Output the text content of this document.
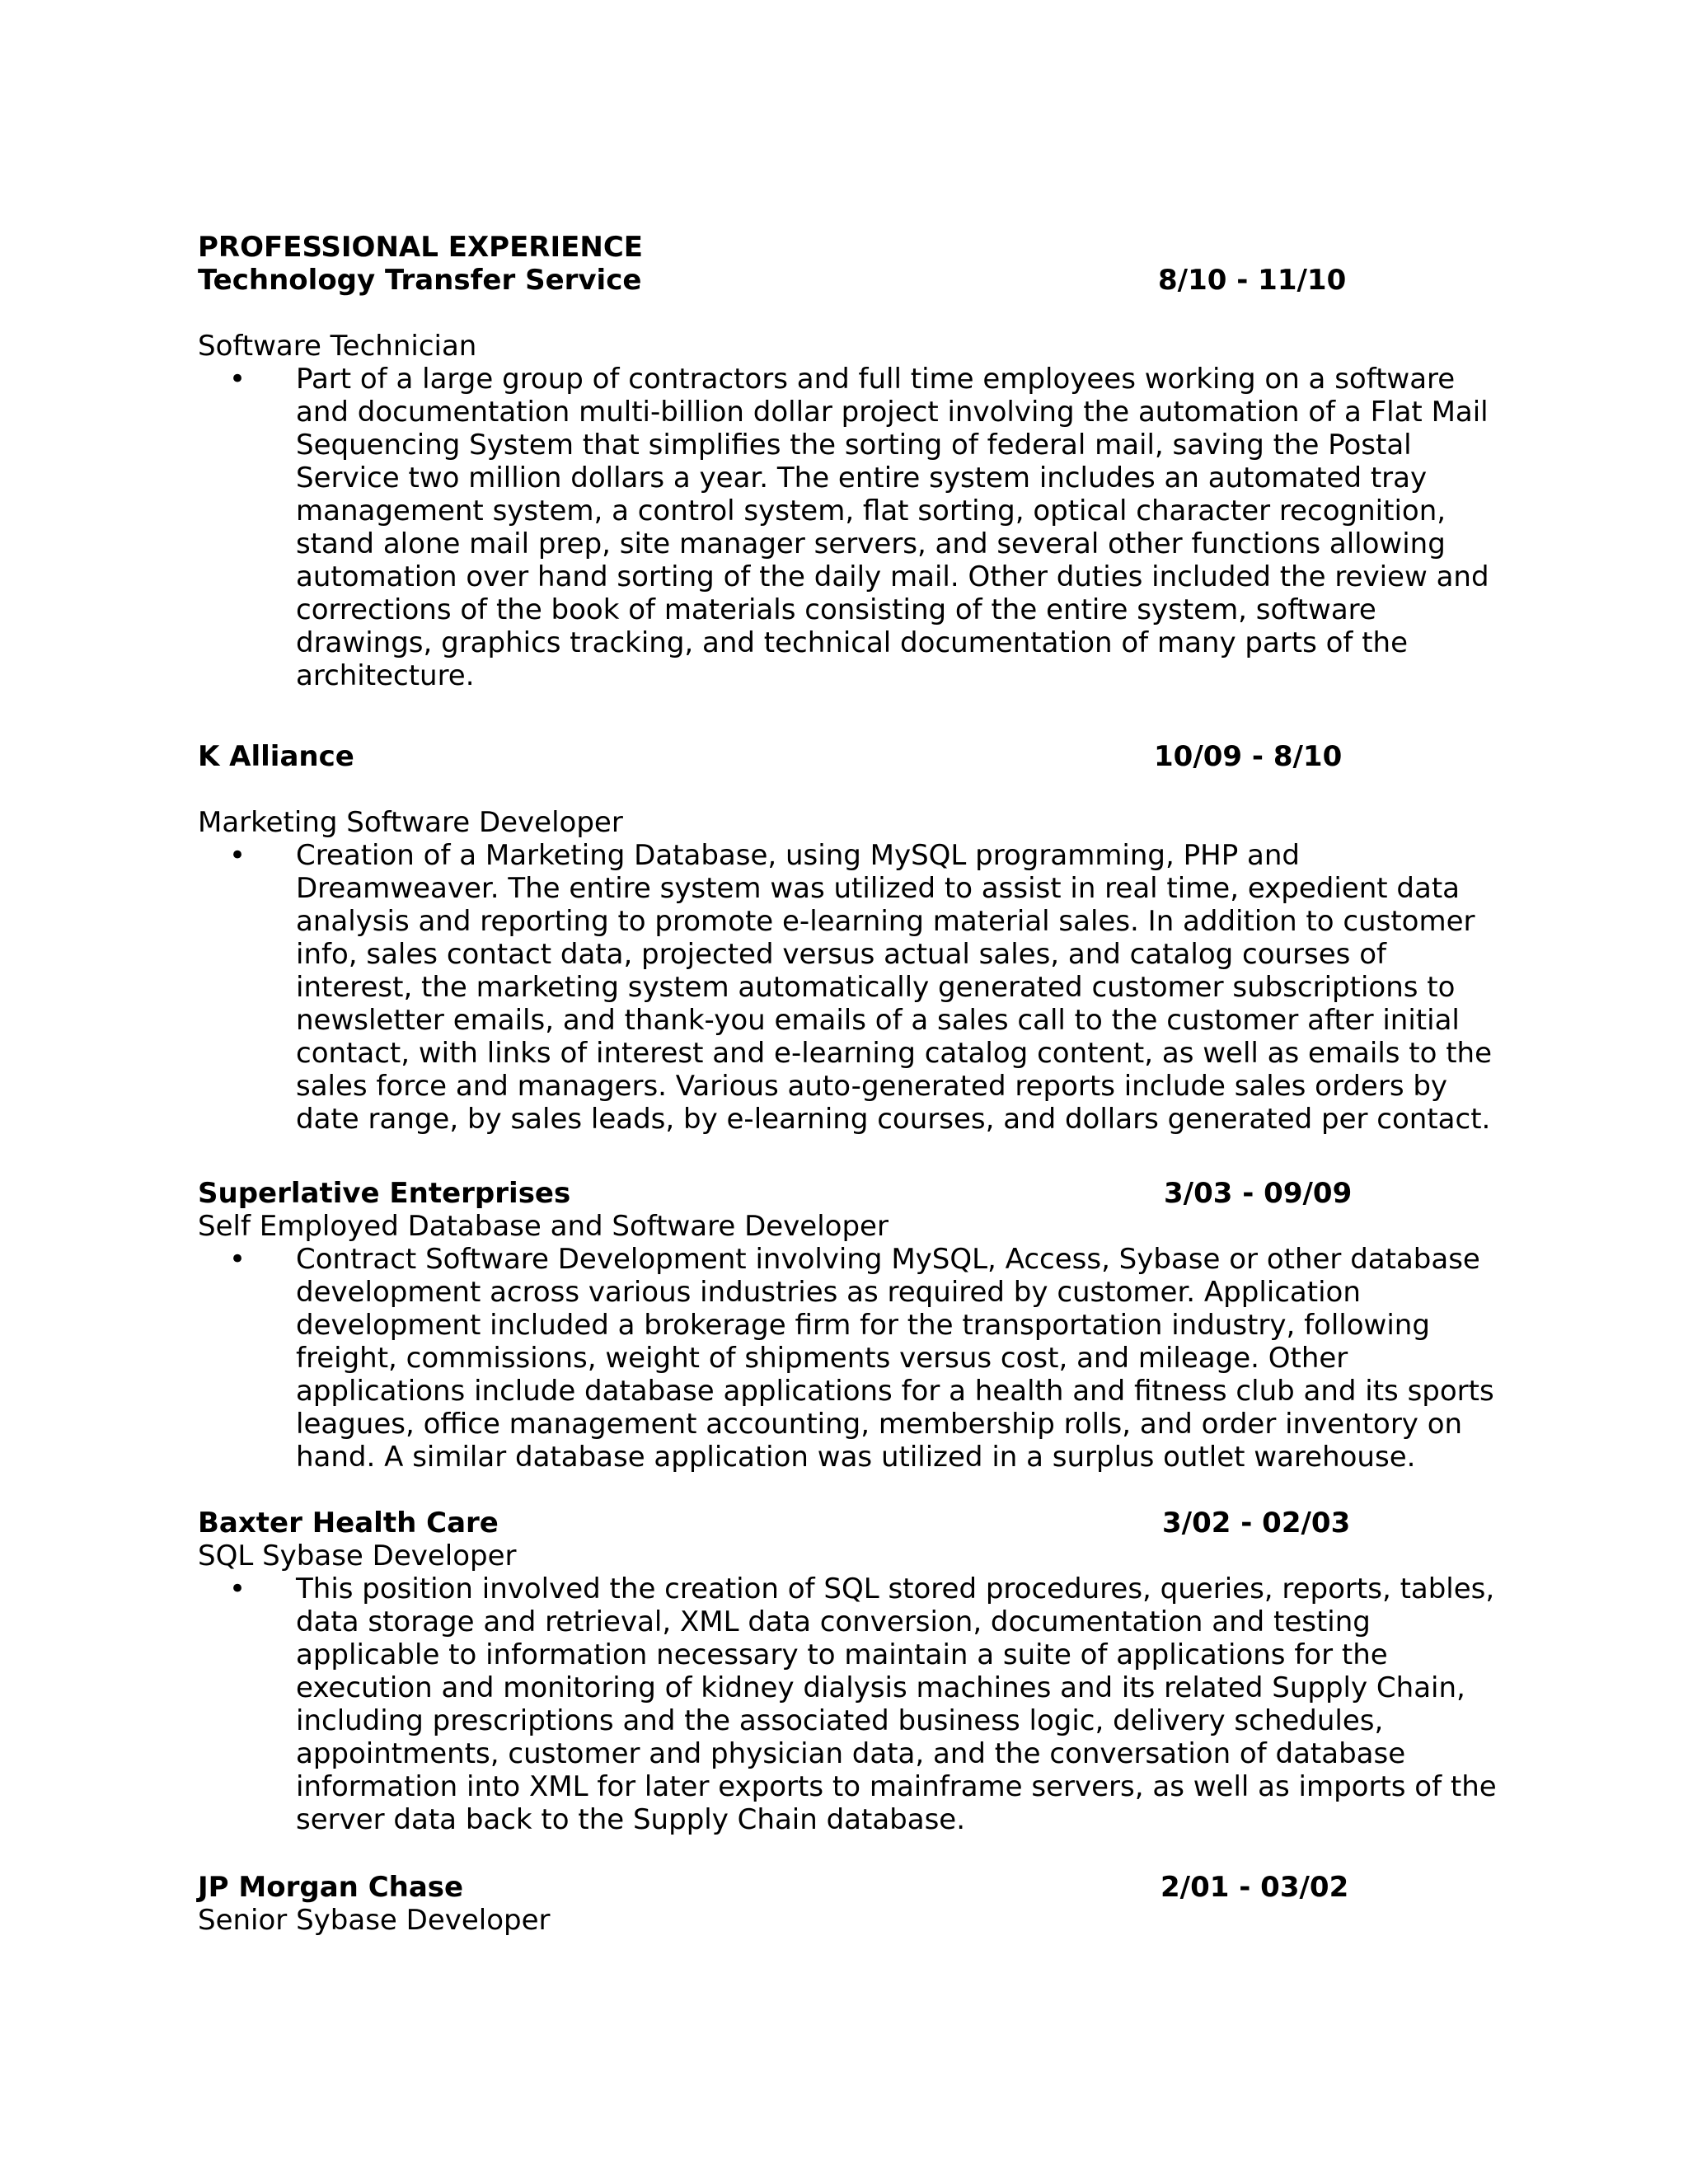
PROFESSIONAL EXPERIENCE
Technology Transfer Service	8/10 - 11/10
Software Technician
• Part of a large group of contractors and full time employees working on a software
and documentation multi-billion dollar project involving the automation of a Flat Mail
Sequencing System that simplifies the sorting of federal mail, saving the Postal
Service two million dollars a year. The entire system includes an automated tray
management system, a control system, flat sorting, optical character recognition,
stand alone mail prep, site manager servers, and several other functions allowing
automation over hand sorting of the daily mail. Other duties included the review and
corrections of the book of materials consisting of the entire system, software
drawings, graphics tracking, and technical documentation of many parts of the
architecture.
K Alliance	10/09 - 8/10
Marketing Software Developer
• Creation of a Marketing Database, using MySQL programming, PHP and
Dreamweaver. The entire system was utilized to assist in real time, expedient data
analysis and reporting to promote e-learning material sales. In addition to customer
info, sales contact data, projected versus actual sales, and catalog courses of
interest, the marketing system automatically generated customer subscriptions to
newsletter emails, and thank-you emails of a sales call to the customer after initial
contact, with links of interest and e-learning catalog content, as well as emails to the
sales force and managers. Various auto-generated reports include sales orders by
date range, by sales leads, by e-learning courses, and dollars generated per contact.
Superlative Enterprises	3/03 - 09/09
Self Employed Database and Software Developer
• Contract Software Development involving MySQL, Access, Sybase or other database
development across various industries as required by customer. Application
development included a brokerage firm for the transportation industry, following
freight, commissions, weight of shipments versus cost, and mileage. Other
applications include database applications for a health and fitness club and its sports
leagues, office management accounting, membership rolls, and order inventory on
hand. A similar database application was utilized in a surplus outlet warehouse.
Baxter Health Care	3/02 - 02/03
SQL Sybase Developer
• This position involved the creation of SQL stored procedures, queries, reports, tables,
data storage and retrieval, XML data conversion, documentation and testing
applicable to information necessary to maintain a suite of applications for the
execution and monitoring of kidney dialysis machines and its related Supply Chain,
including prescriptions and the associated business logic, delivery schedules,
appointments, customer and physician data, and the conversation of database
information into XML for later exports to mainframe servers, as well as imports of the
server data back to the Supply Chain database.
JP Morgan Chase	2/01 - 03/02
Senior Sybase Developer
